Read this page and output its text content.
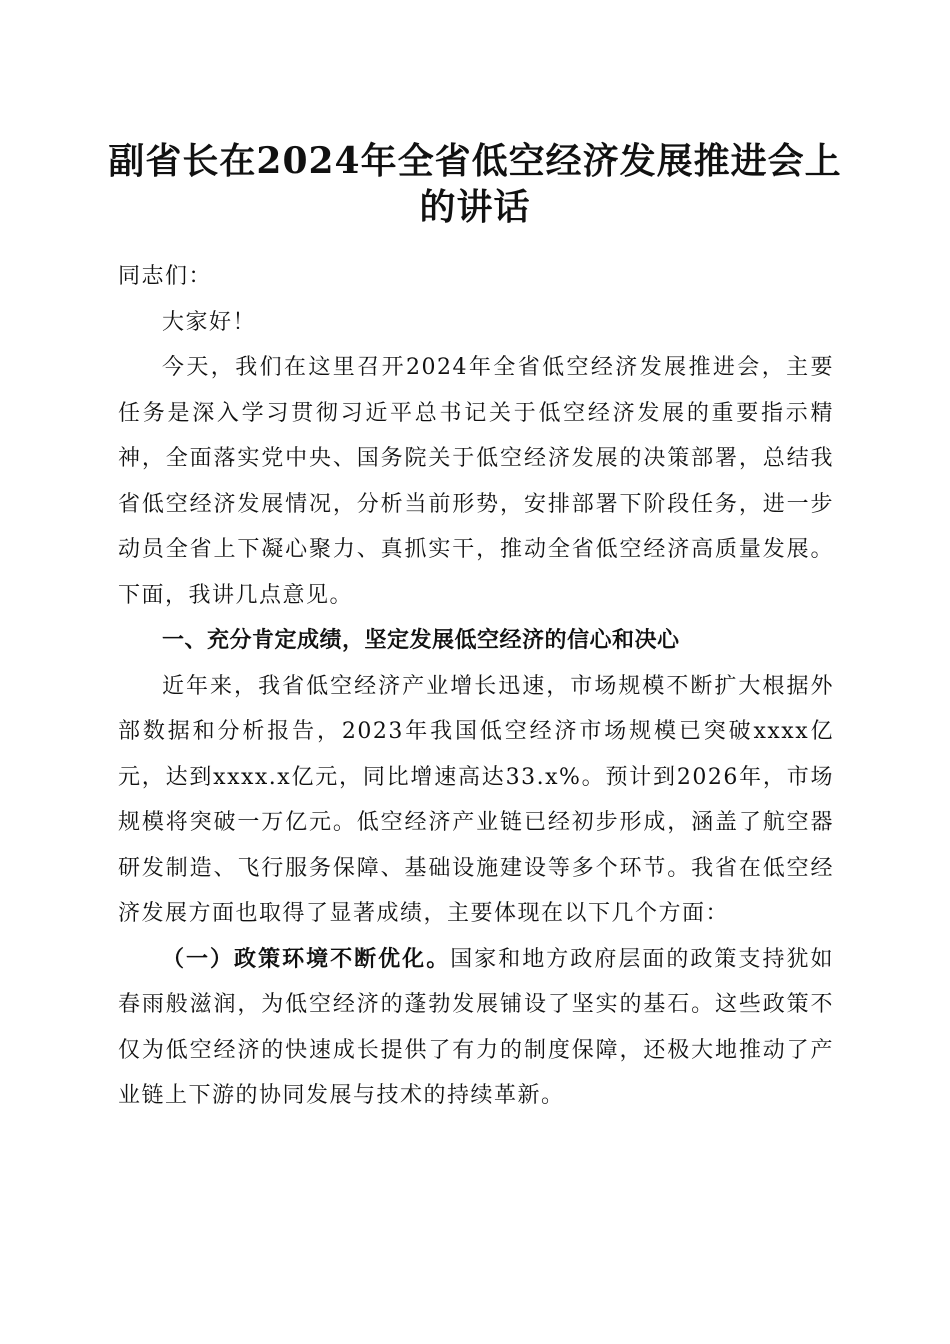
副省长在2024年全省低空经济发展推进会上的讲话

同志们：

大家好！

今天，我们在这里召开2024年全省低空经济发展推进会，主要任务是深入学习贯彻习近平总书记关于低空经济发展的重要指示精神，全面落实党中央、国务院关于低空经济发展的决策部署，总结我省低空经济发展情况，分析当前形势，安排部署下阶段任务，进一步动员全省上下凝心聚力、真抓实干，推动全省低空经济高质量发展。下面，我讲几点意见。

一、充分肯定成绩，坚定发展低空经济的信心和决心

近年来，我省低空经济产业增长迅速，市场规模不断扩大根据外部数据和分析报告，2023年我国低空经济市场规模已突破xxxx亿元，达到xxxx.x亿元，同比增速高达33.x%。预计到2026年，市场规模将突破一万亿元。低空经济产业链已经初步形成，涵盖了航空器研发制造、飞行服务保障、基础设施建设等多个环节。我省在低空经济发展方面也取得了显著成绩，主要体现在以下几个方面：

（一）政策环境不断优化。国家和地方政府层面的政策支持犹如春雨般滋润，为低空经济的蓬勃发展铺设了坚实的基石。这些政策不仅为低空经济的快速成长提供了有力的制度保障，还极大地推动了产业链上下游的协同发展与技术的持续革新。
